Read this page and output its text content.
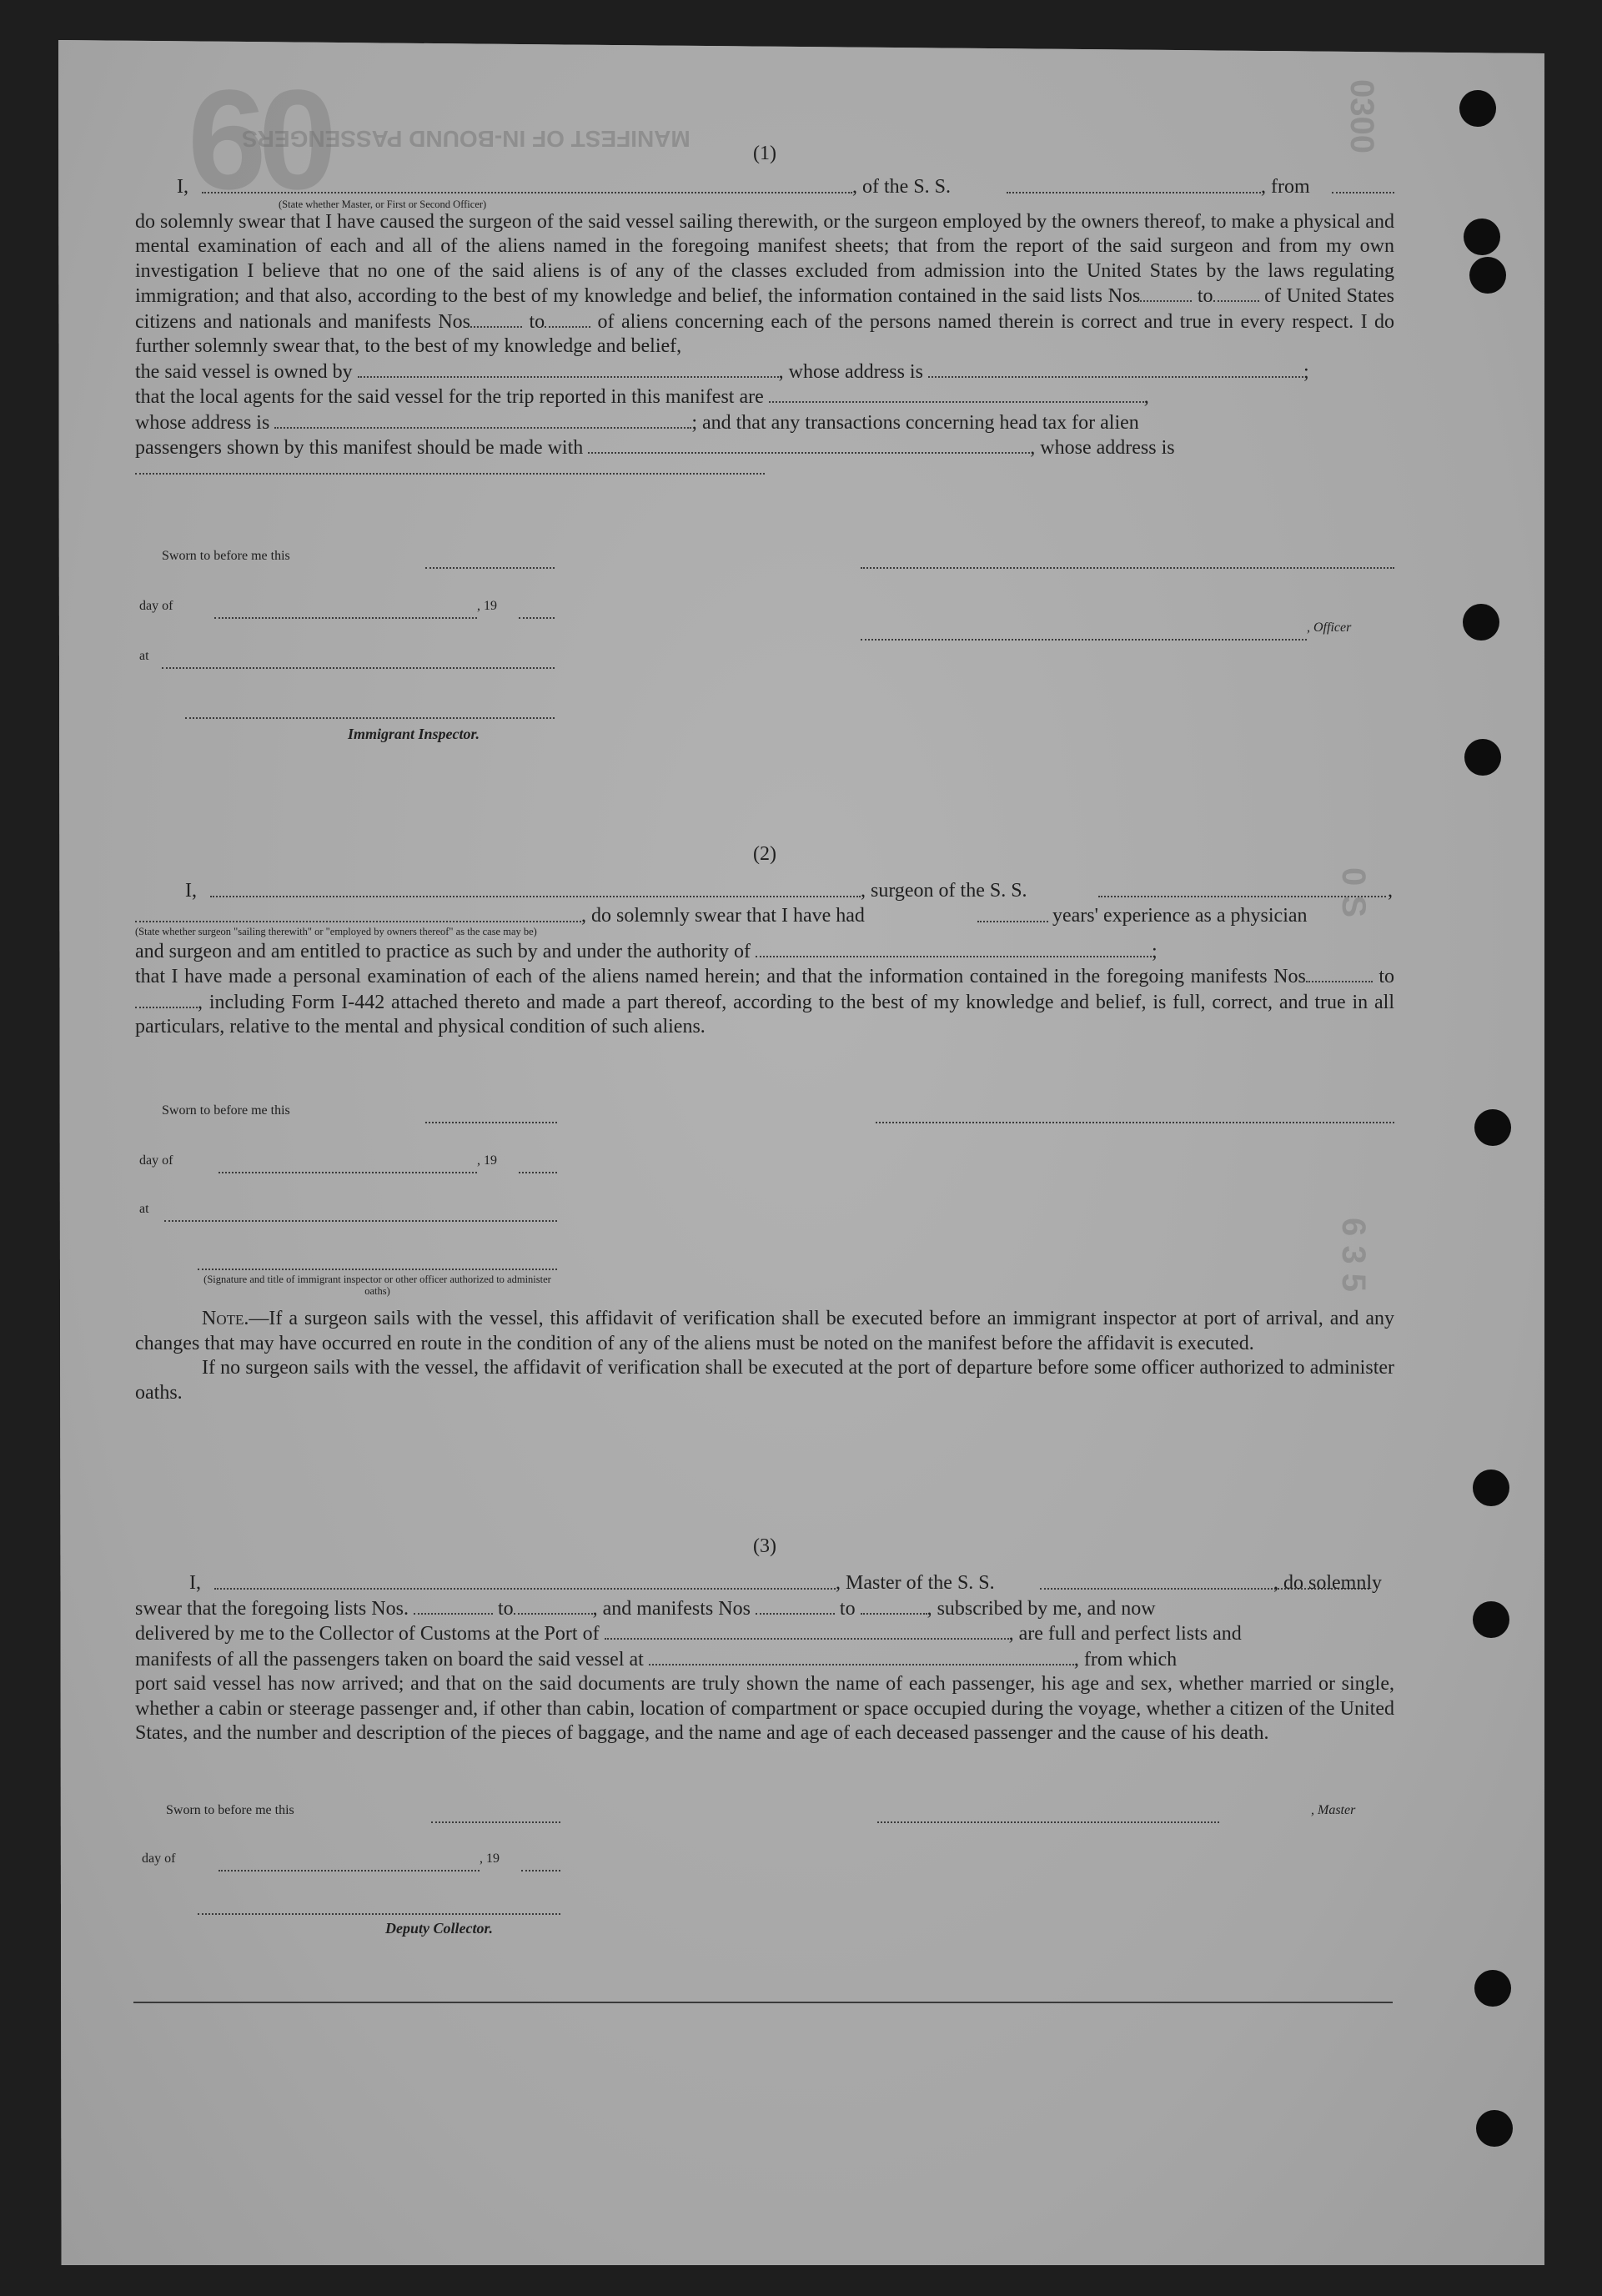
60
MANIFEST OF IN-BOUND PASSENGERS	0300
0 S
6 3 5

(1)

I,	, of the S. S.	, from
(State whether Master, or First or Second Officer)

do solemnly swear that I have caused the surgeon of the said vessel sailing therewith, or the surgeon employed by the owners thereof, to make a physical and mental examination of each and all of the aliens named in the foregoing manifest sheets; that from the report of the said surgeon and from my own investigation I believe that no one of the said aliens is of any of the classes excluded from admission into the United States by the laws regulating immigration; and that also, according to the best of my knowledge and belief, the information contained in the said lists Nos	to	of United States citizens and nationals and manifests Nos	to	of aliens concerning each of the persons named therein is correct and true in every respect. I do further solemnly swear that, to the best of my knowledge and belief,

the said vessel is owned by	, whose address is	;

that the local agents for the said vessel for the trip reported in this manifest are	,

whose address is	; and that any transactions concerning head tax for alien

passengers shown by this manifest should be made with	, whose address is

Sworn to before me this
day of	, 19
, Officer
at
Immigrant Inspector.

(2)

I,	, surgeon of the S. S.	,
, do solemnly swear that I have had	years' experience as a physician
(State whether surgeon "sailing therewith" or "employed by owners thereof" as the case may be)

and surgeon and am entitled to practice as such by and under the authority of	;

that I have made a personal examination of each of the aliens named herein; and that the information contained in the foregoing manifests Nos	to, including Form I-442 attached thereto and made a part thereof, according to the best of my knowledge and belief, is full, correct, and true in all particulars, relative to the mental and physical condition of such aliens.

Sworn to before me this
day of	, 19
at
(Signature and title of immigrant inspector or other officer authorized to administer oaths)

Note.—If a surgeon sails with the vessel, this affidavit of verification shall be executed before an immigrant inspector at port of arrival, and any changes that may have occurred en route in the condition of any of the aliens must be noted on the manifest before the affidavit is executed.

If no surgeon sails with the vessel, the affidavit of verification shall be executed at the port of departure before some officer authorized to administer oaths.

(3)

I,	, Master of the S. S.	, do solemnly

swear that the foregoing lists Nos.	to	, and manifests Nos	to	, subscribed by me, and now

delivered by me to the Collector of Customs at the Port of	, are full and perfect lists and

manifests of all the passengers taken on board the said vessel at	, from which

port said vessel has now arrived; and that on the said documents are truly shown the name of each passenger, his age and sex, whether married or single, whether a cabin or steerage passenger and, if other than cabin, location of compartment or space occupied during the voyage, whether a citizen of the United States, and the number and description of the pieces of baggage, and the name and age of each deceased passenger and the cause of his death.

Sworn to before me this	, Master
day of	, 19
Deputy Collector.
